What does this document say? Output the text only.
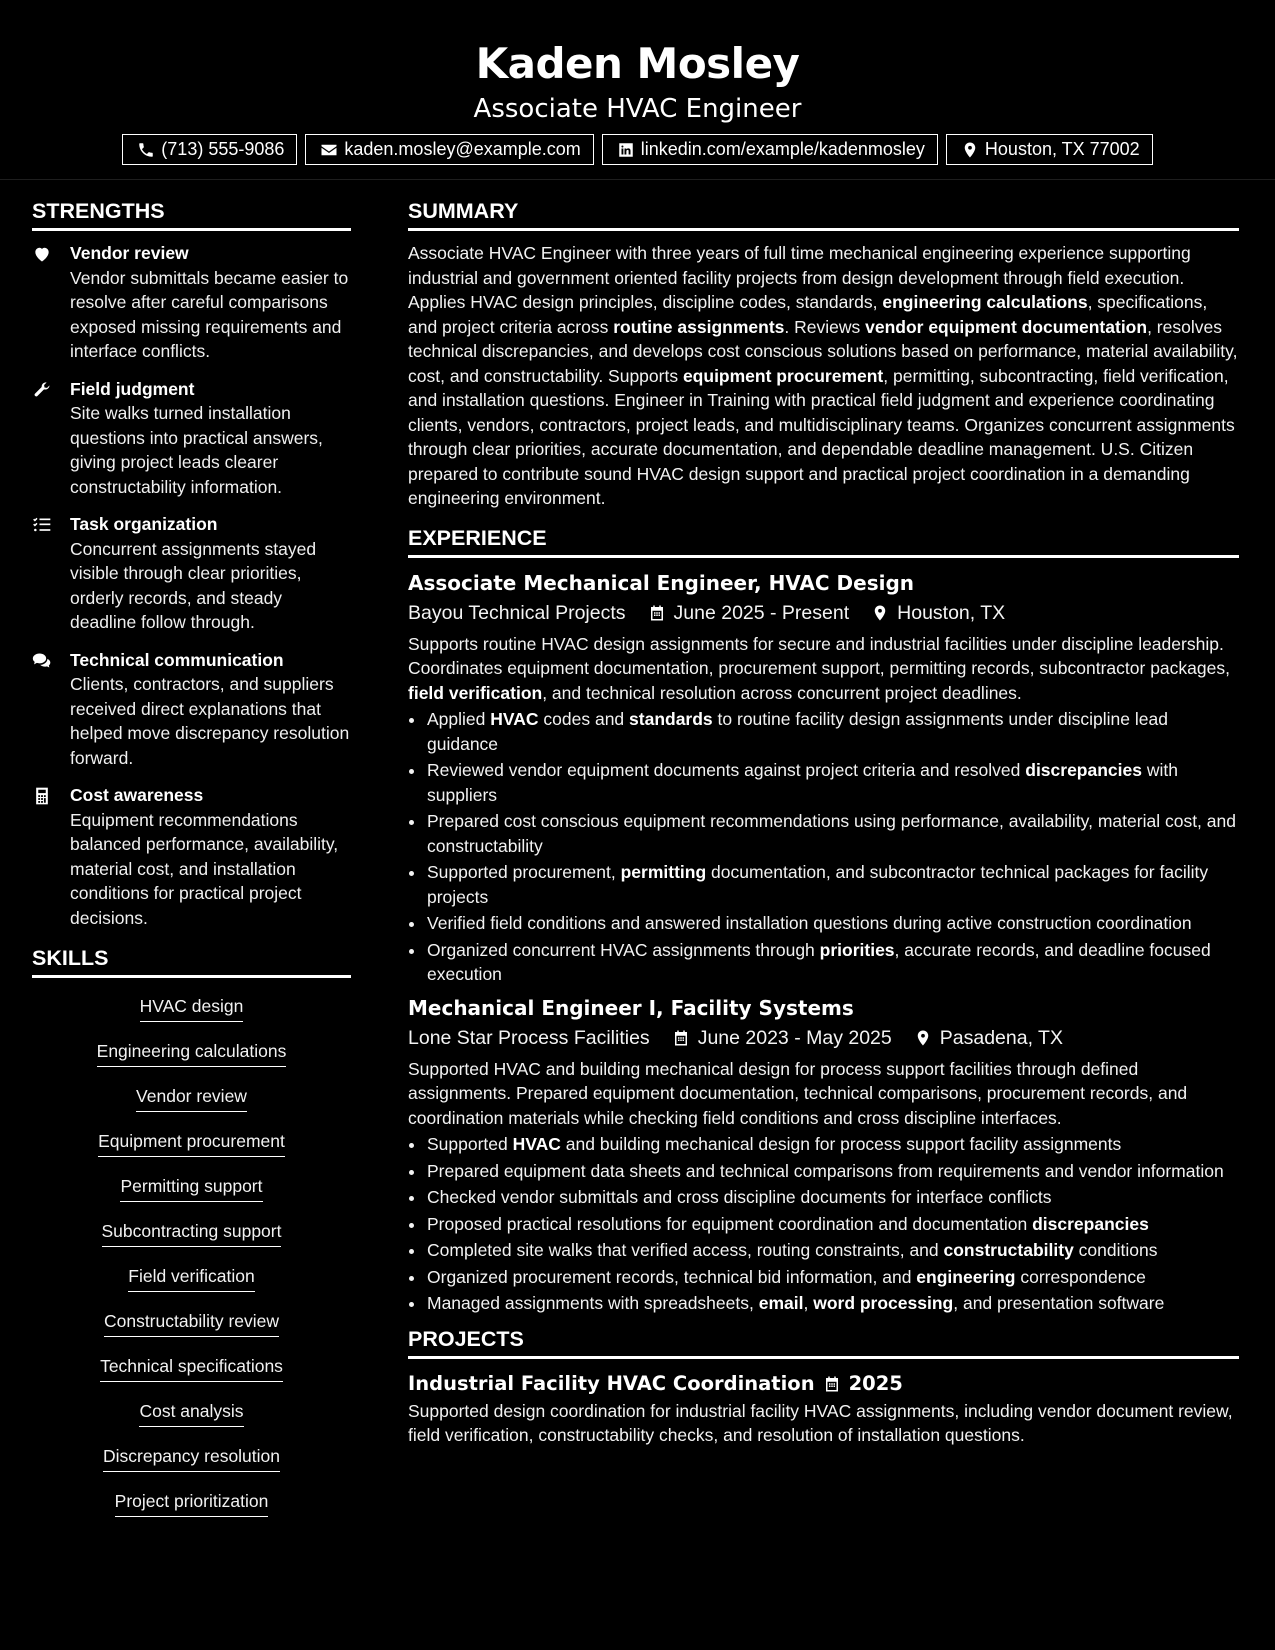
Kaden Mosley
Associate HVAC Engineer
(713) 555-9086	kaden.mosley@example.com	linkedin.com/example/kadenmosley	Houston, TX 77002
STRENGTHS
Vendor review
Vendor submittals became easier to resolve after careful comparisons exposed missing requirements and interface conflicts.
Field judgment
Site walks turned installation questions into practical answers, giving project leads clearer constructability information.
Task organization
Concurrent assignments stayed visible through clear priorities, orderly records, and steady deadline follow through.
Technical communication
Clients, contractors, and suppliers received direct explanations that helped move discrepancy resolution forward.
Cost awareness
Equipment recommendations balanced performance, availability, material cost, and installation conditions for practical project decisions.
SKILLS
HVAC design
Engineering calculations
Vendor review
Equipment procurement
Permitting support
Subcontracting support
Field verification
Constructability review
Technical specifications
Cost analysis
Discrepancy resolution
Project prioritization
SUMMARY
Associate HVAC Engineer with three years of full time mechanical engineering experience supporting industrial and government oriented facility projects from design development through field execution. Applies HVAC design principles, discipline codes, standards, engineering calculations, specifications, and project criteria across routine assignments. Reviews vendor equipment documentation, resolves technical discrepancies, and develops cost conscious solutions based on performance, material availability, cost, and constructability. Supports equipment procurement, permitting, subcontracting, field verification, and installation questions. Engineer in Training with practical field judgment and experience coordinating clients, vendors, contractors, project leads, and multidisciplinary teams. Organizes concurrent assignments through clear priorities, accurate documentation, and dependable deadline management. U.S. Citizen prepared to contribute sound HVAC design support and practical project coordination in a demanding engineering environment.
EXPERIENCE
Associate Mechanical Engineer, HVAC Design
Bayou Technical Projects June 2025 - Present Houston, TX
Supports routine HVAC design assignments for secure and industrial facilities under discipline leadership. Coordinates equipment documentation, procurement support, permitting records, subcontractor packages, field verification, and technical resolution across concurrent project deadlines.
• Applied HVAC codes and standards to routine facility design assignments under discipline lead guidance
• Reviewed vendor equipment documents against project criteria and resolved discrepancies with suppliers
• Prepared cost conscious equipment recommendations using performance, availability, material cost, and constructability
• Supported procurement, permitting documentation, and subcontractor technical packages for facility projects
• Verified field conditions and answered installation questions during active construction coordination
• Organized concurrent HVAC assignments through priorities, accurate records, and deadline focused execution
Mechanical Engineer I, Facility Systems
Lone Star Process Facilities June 2023 - May 2025 Pasadena, TX
Supported HVAC and building mechanical design for process support facilities through defined assignments. Prepared equipment documentation, technical comparisons, procurement records, and coordination materials while checking field conditions and cross discipline interfaces.
• Supported HVAC and building mechanical design for process support facility assignments
• Prepared equipment data sheets and technical comparisons from requirements and vendor information
• Checked vendor submittals and cross discipline documents for interface conflicts
• Proposed practical resolutions for equipment coordination and documentation discrepancies
• Completed site walks that verified access, routing constraints, and constructability conditions
• Organized procurement records, technical bid information, and engineering correspondence
• Managed assignments with spreadsheets, email, word processing, and presentation software
PROJECTS
Industrial Facility HVAC Coordination 2025
Supported design coordination for industrial facility HVAC assignments, including vendor document review, field verification, constructability checks, and resolution of installation questions.
